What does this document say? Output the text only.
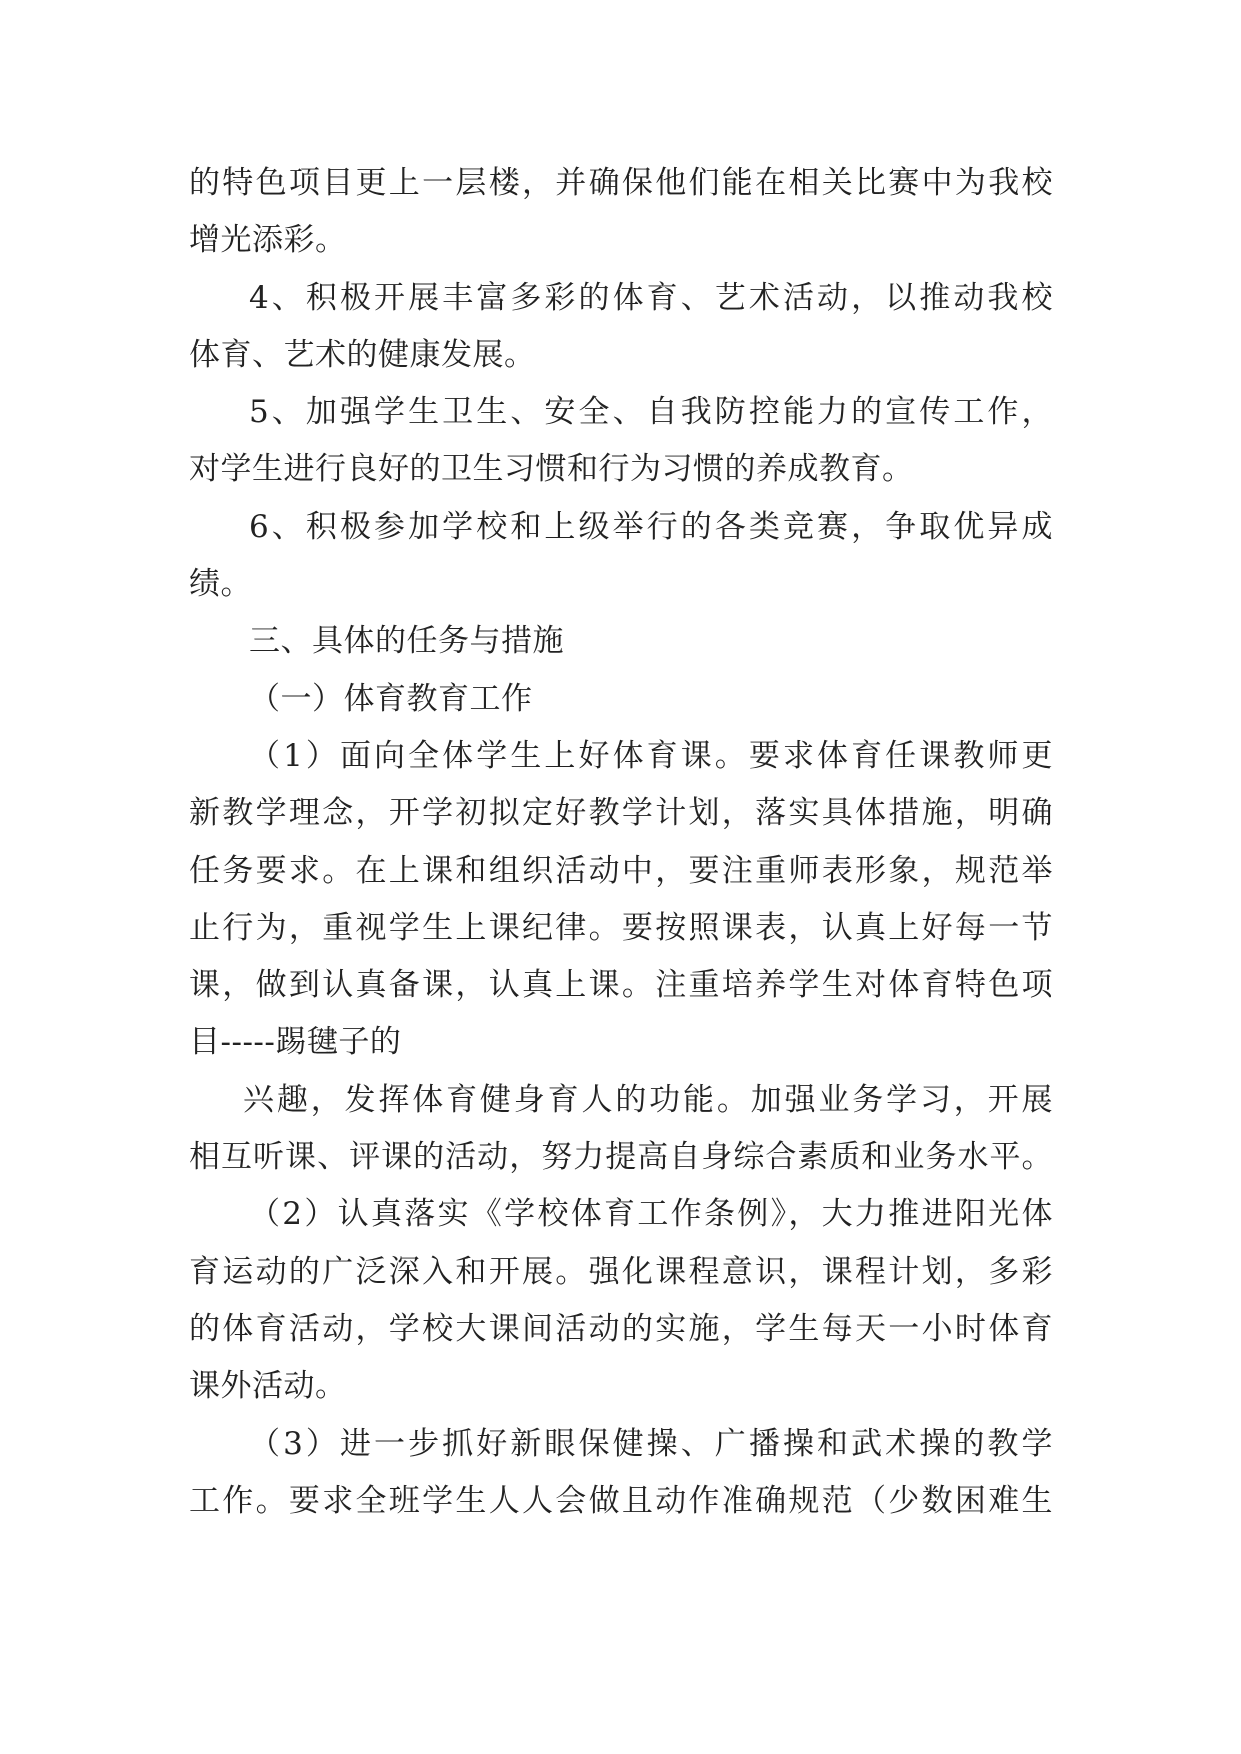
的特色项目更上一层楼，并确保他们能在相关比赛中为我校
增光添彩。
4、积极开展丰富多彩的体育、艺术活动，以推动我校
体育、艺术的健康发展。
5、加强学生卫生、安全、自我防控能力的宣传工作，
对学生进行良好的卫生习惯和行为习惯的养成教育。
6、积极参加学校和上级举行的各类竞赛，争取优异成
绩。
三、具体的任务与措施
（一）体育教育工作
（1）面向全体学生上好体育课。要求体育任课教师更
新教学理念，开学初拟定好教学计划，落实具体措施，明确
任务要求。在上课和组织活动中，要注重师表形象，规范举
止行为，重视学生上课纪律。要按照课表，认真上好每一节
课，做到认真备课，认真上课。注重培养学生对体育特色项
目-----踢毽子的
兴趣，发挥体育健身育人的功能。加强业务学习，开展
相互听课、评课的活动，努力提高自身综合素质和业务水平。
（2）认真落实《学校体育工作条例》，大力推进阳光体
育运动的广泛深入和开展。强化课程意识，课程计划，多彩
的体育活动，学校大课间活动的实施，学生每天一小时体育
课外活动。
（3）进一步抓好新眼保健操、广播操和武术操的教学
工作。要求全班学生人人会做且动作准确规范（少数困难生
